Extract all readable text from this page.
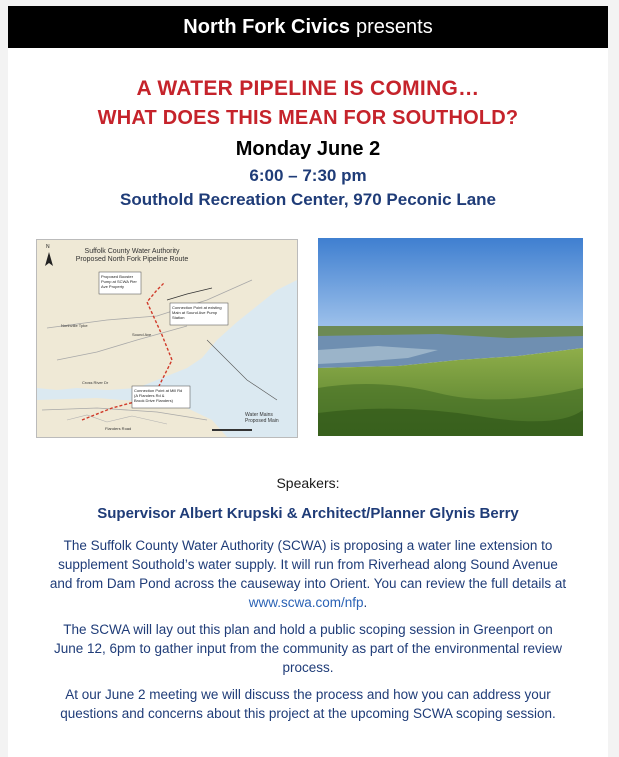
North Fork Civics presents
A WATER PIPELINE IS COMING…
WHAT DOES THIS MEAN FOR SOUTHOLD?
Monday June 2
6:00 – 7:30 pm
Southold Recreation Center, 970 Peconic Lane
Suffolk County Water Authority
Proposed North Fork Pipeline Route
N
Proposed Booster
Pump at SCWA Pier
Ave Property
Connection Point at existing
Main at Sound Ave Pump
Station
Connection Point at Mill Rd
(A Flanders Rd &
Brook Drive Flanders)
Northville Tpke
Sound Ave
Cross River Dr
Flanders Road
Water Mains
Proposed Main
Speakers:
Supervisor Albert Krupski & Architect/Planner Glynis Berry
The Suffolk County Water Authority (SCWA) is proposing a water line extension to supplement Southold’s water supply. It will run from Riverhead along Sound Avenue and from Dam Pond across the causeway into Orient. You can review the full details at www.scwa.com/nfp.
The SCWA will lay out this plan and hold a public scoping session in Greenport on June 12, 6pm to gather input from the community as part of the environmental review process.
At our June 2 meeting we will discuss the process and how you can address your questions and concerns about this project at the upcoming SCWA scoping session.
